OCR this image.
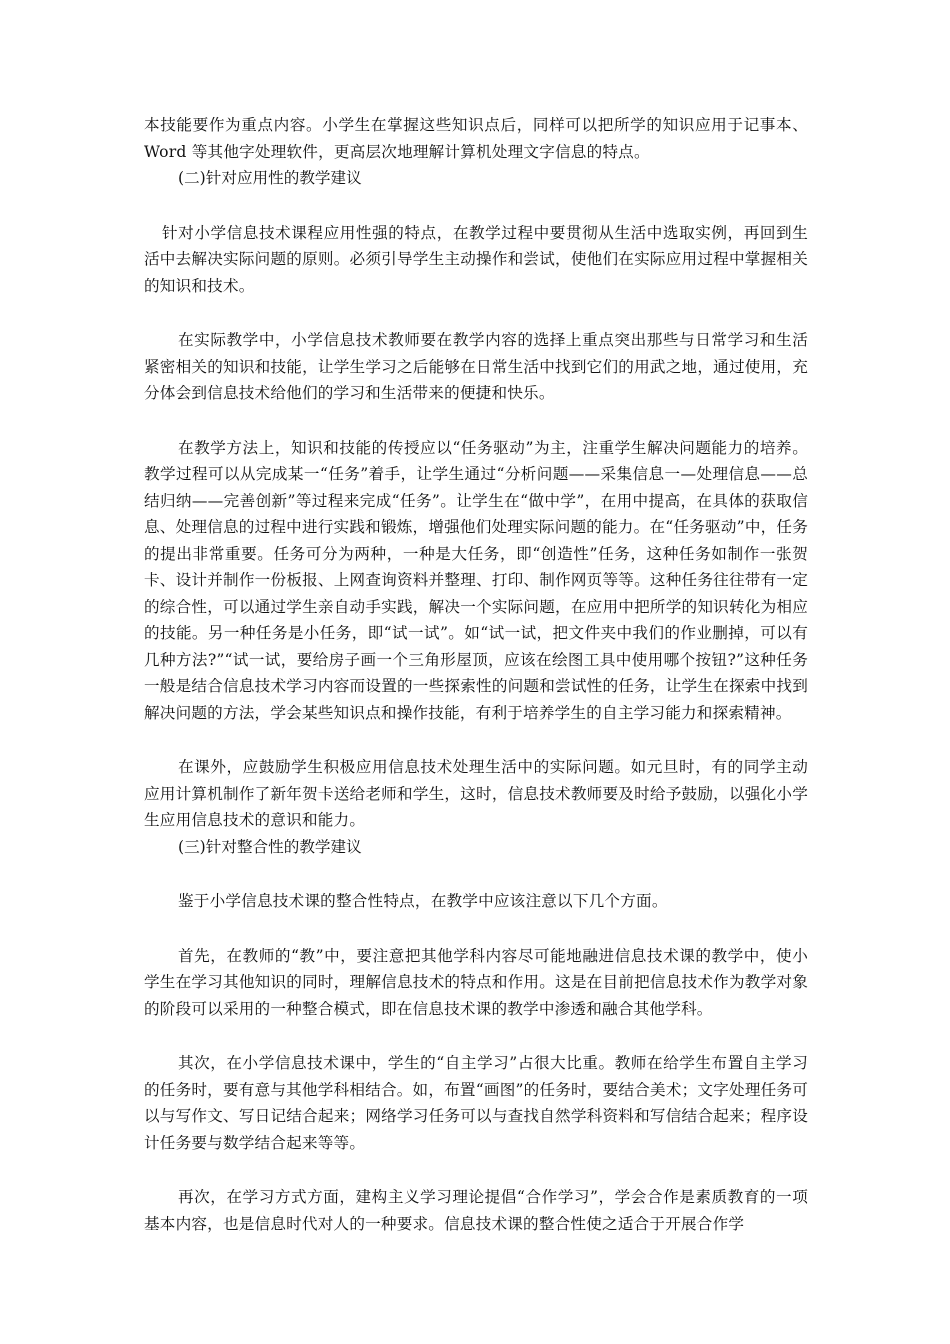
本技能要作为重点内容。小学生在掌握这些知识点后，同样可以把所学的知识应用于记事本、Word 等其他字处理软件，更高层次地理解计算机处理文字信息的特点。

(二)针对应用性的教学建议

针对小学信息技术课程应用性强的特点，在教学过程中要贯彻从生活中选取实例，再回到生活中去解决实际问题的原则。必须引导学生主动操作和尝试，使他们在实际应用过程中掌握相关的知识和技术。

在实际教学中，小学信息技术教师要在教学内容的选择上重点突出那些与日常学习和生活紧密相关的知识和技能，让学生学习之后能够在日常生活中找到它们的用武之地，通过使用，充分体会到信息技术给他们的学习和生活带来的便捷和快乐。

在教学方法上，知识和技能的传授应以“任务驱动”为主，注重学生解决问题能力的培养。教学过程可以从完成某一“任务”着手，让学生通过“分析问题——采集信息一—处理信息——总结归纳——完善创新”等过程来完成“任务”。让学生在“做中学”，在用中提高，在具体的获取信息、处理信息的过程中进行实践和锻炼，增强他们处理实际问题的能力。在“任务驱动”中，任务的提出非常重要。任务可分为两种，一种是大任务，即“创造性”任务，这种任务如制作一张贺卡、设计并制作一份板报、上网查询资料并整理、打印、制作网页等等。这种任务往往带有一定的综合性，可以通过学生亲自动手实践，解决一个实际问题，在应用中把所学的知识转化为相应的技能。另一种任务是小任务，即“试一试”。如“试一试，把文件夹中我们的作业删掉，可以有几种方法?”“试一试，要给房子画一个三角形屋顶，应该在绘图工具中使用哪个按钮?”这种任务一般是结合信息技术学习内容而设置的一些探索性的问题和尝试性的任务，让学生在探索中找到解决问题的方法，学会某些知识点和操作技能，有利于培养学生的自主学习能力和探索精神。

在课外，应鼓励学生积极应用信息技术处理生活中的实际问题。如元旦时，有的同学主动应用计算机制作了新年贺卡送给老师和学生，这时，信息技术教师要及时给予鼓励，以强化小学生应用信息技术的意识和能力。

(三)针对整合性的教学建议

鉴于小学信息技术课的整合性特点，在教学中应该注意以下几个方面。

首先，在教师的“教”中，要注意把其他学科内容尽可能地融进信息技术课的教学中，使小学生在学习其他知识的同时，理解信息技术的特点和作用。这是在目前把信息技术作为教学对象的阶段可以采用的一种整合模式，即在信息技术课的教学中渗透和融合其他学科。

其次，在小学信息技术课中，学生的“自主学习”占很大比重。教师在给学生布置自主学习的任务时，要有意与其他学科相结合。如，布置“画图”的任务时，要结合美术；文字处理任务可以与写作文、写日记结合起来；网络学习任务可以与查找自然学科资料和写信结合起来；程序设计任务要与数学结合起来等等。

再次，在学习方式方面，建构主义学习理论提倡“合作学习”，学会合作是素质教育的一项基本内容，也是信息时代对人的一种要求。信息技术课的整合性使之适合于开展合作学
